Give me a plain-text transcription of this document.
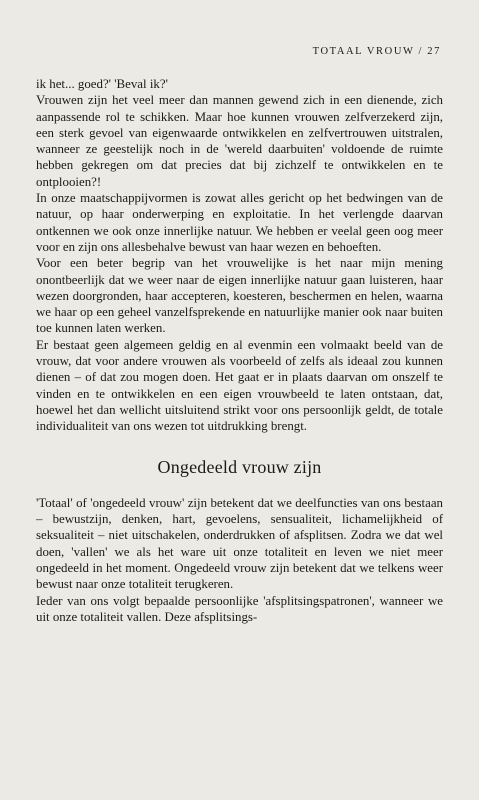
TOTAAL VROUW / 27

ik het... goed?' 'Beval ik?'

Vrouwen zijn het veel meer dan mannen gewend zich in een dienende, zich aanpassende rol te schikken. Maar hoe kunnen vrouwen zelfverzekerd zijn, een sterk gevoel van eigenwaarde ontwikkelen en zelfvertrouwen uitstralen, wanneer ze geestelijk noch in de 'wereld daarbuiten' voldoende de ruimte hebben gekregen om dat precies dat bij zichzelf te ontwikkelen en te ontplooien?!

In onze maatschappijvormen is zowat alles gericht op het bedwingen van de natuur, op haar onderwerping en exploitatie. In het verlengde daarvan ontkennen we ook onze innerlijke natuur. We hebben er veelal geen oog meer voor en zijn ons allesbehalve bewust van haar wezen en behoeften.

Voor een beter begrip van het vrouwelijke is het naar mijn mening onontbeerlijk dat we weer naar de eigen innerlijke natuur gaan luisteren, haar wezen doorgronden, haar accepteren, koesteren, beschermen en helen, waarna we haar op een geheel vanzelfsprekende en natuurlijke manier ook naar buiten toe kunnen laten werken.

Er bestaat geen algemeen geldig en al evenmin een volmaakt beeld van de vrouw, dat voor andere vrouwen als voorbeeld of zelfs als ideaal zou kunnen dienen – of dat zou mogen doen. Het gaat er in plaats daarvan om onszelf te vinden en te ontwikkelen en een eigen vrouwbeeld te laten ontstaan, dat, hoewel het dan wellicht uitsluitend strikt voor ons persoonlijk geldt, de totale individualiteit van ons wezen tot uitdrukking brengt.

Ongedeeld vrouw zijn

'Totaal' of 'ongedeeld vrouw' zijn betekent dat we deelfuncties van ons bestaan – bewustzijn, denken, hart, gevoelens, sensualiteit, lichamelijkheid of seksualiteit – niet uitschakelen, onderdrukken of afsplitsen. Zodra we dat wel doen, 'vallen' we als het ware uit onze totaliteit en leven we niet meer ongedeeld in het moment. Ongedeeld vrouw zijn betekent dat we telkens weer bewust naar onze totaliteit terugkeren.

Ieder van ons volgt bepaalde persoonlijke 'afsplitsingspatronen', wanneer we uit onze totaliteit vallen. Deze afsplitsings-
